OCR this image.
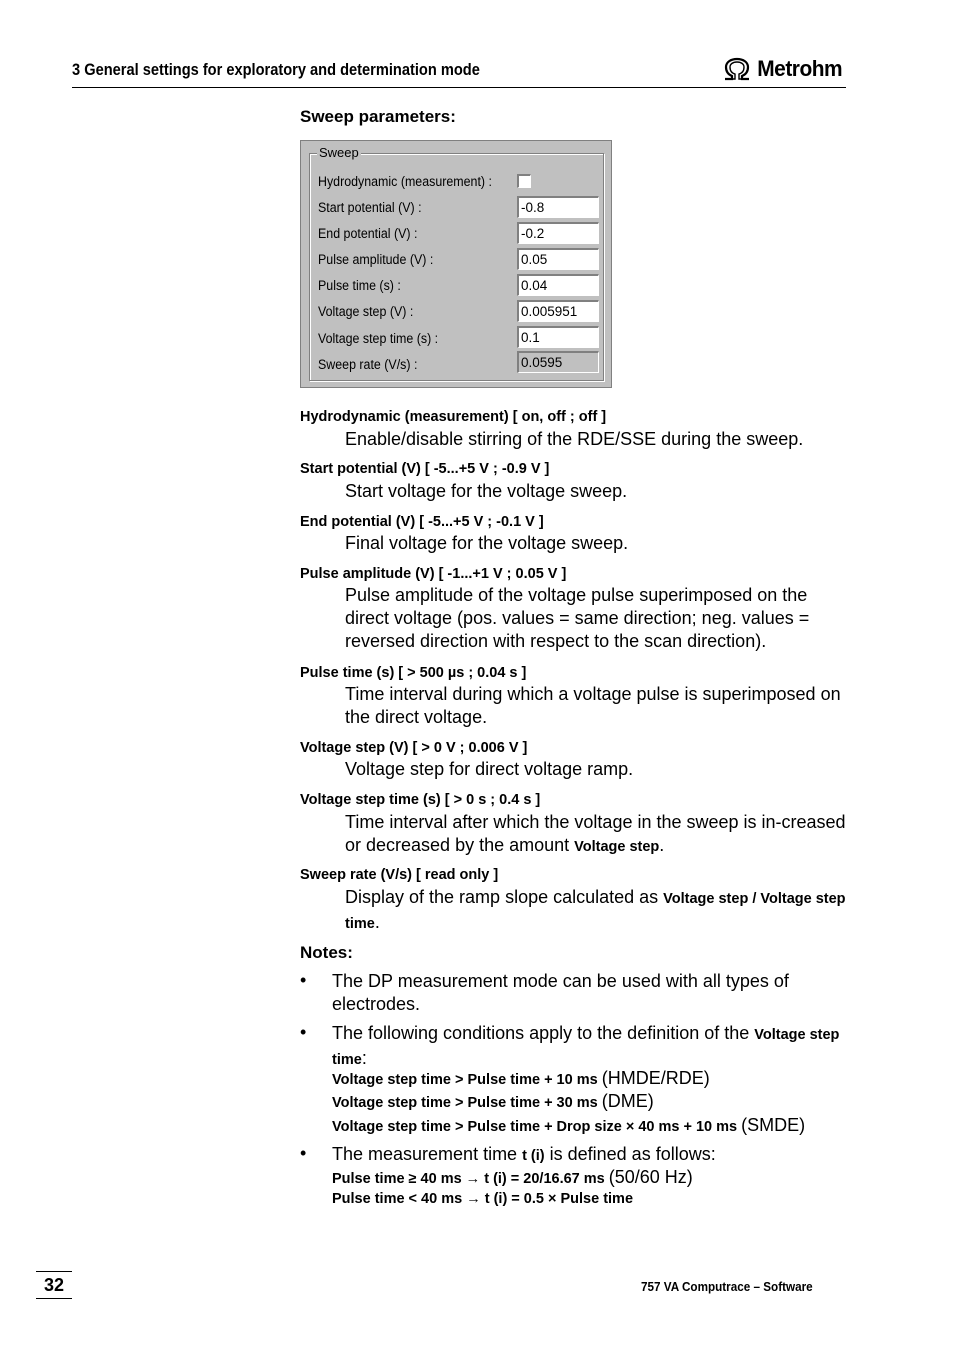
3 General settings for exploratory and determination mode	Metrohm
Sweep parameters:
Sweep
Hydrodynamic (measurement) :
Start potential (V) :	-0.8
End potential (V) :	-0.2
Pulse amplitude (V) :	0.05
Pulse time (s) :	0.04
Voltage step (V) :	0.005951
Voltage step time (s) :	0.1
Sweep rate (V/s) :	0.0595
Hydrodynamic (measurement) [ on, off ; off ]
Enable/disable stirring of the RDE/SSE during the sweep.
Start potential (V) [ -5...+5 V ; -0.9 V ]
Start voltage for the voltage sweep.
End potential (V) [ -5...+5 V ; -0.1 V ]
Final voltage for the voltage sweep.
Pulse amplitude (V) [ -1...+1 V ; 0.05 V ]
Pulse amplitude of the voltage pulse superimposed on the direct voltage (pos. values = same direction; neg. values = reversed direction with respect to the scan direction).
Pulse time (s) [ > 500 µs ; 0.04 s ]
Time interval during which a voltage pulse is superimposed on the direct voltage.
Voltage step (V) [ > 0 V ; 0.006 V ]
Voltage step for direct voltage ramp.
Voltage step time (s) [ > 0 s ; 0.4 s ]
Time interval after which the voltage in the sweep is in-creased or decreased by the amount Voltage step.
Sweep rate (V/s) [ read only ]
Display of the ramp slope calculated as Voltage step / Voltage step time.
Notes:
• The DP measurement mode can be used with all types of electrodes.
• The following conditions apply to the definition of the Voltage step time:
Voltage step time > Pulse time + 10 ms (HMDE/RDE)
Voltage step time > Pulse time + 30 ms (DME)
Voltage step time > Pulse time + Drop size × 40 ms + 10 ms (SMDE)
• The measurement time t (i) is defined as follows:
Pulse time ≥ 40 ms → t (i) = 20/16.67 ms (50/60 Hz)
Pulse time < 40 ms → t (i) = 0.5 × Pulse time
32	757 VA Computrace – Software
